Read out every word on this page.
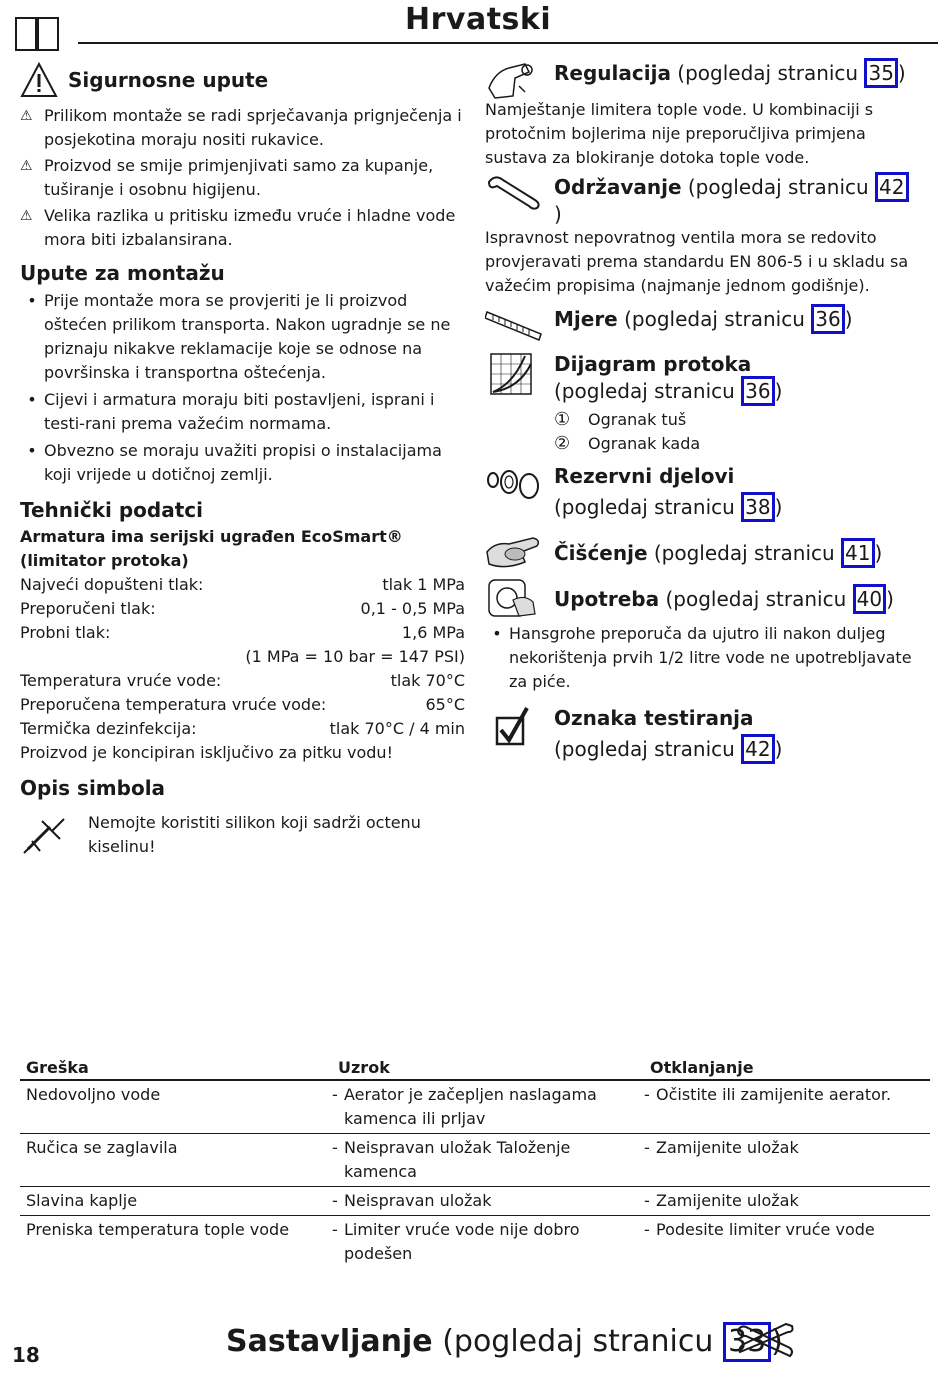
Hrvatski
Sigurnosne upute
⚠ Prilikom montaže se radi sprječavanja prignječenja i posjekotina moraju nositi rukavice.
⚠ Proizvod se smije primjenjivati samo za kupanje, tuširanje i osobnu higijenu.
⚠ Velika razlika u pritisku između vruće i hladne vode mora biti izbalansirana.
Upute za montažu
• Prije montaže mora se provjeriti je li proizvod oštećen prilikom transporta. Nakon ugradnje se ne priznaju nikakve reklamacije koje se odnose na površinska i transportna oštećenja.
• Cijevi i armatura moraju biti postavljeni, isprani i testi-rani prema važećim normama.
• Obvezno se moraju uvažiti propisi o instalacijama koji vrijede u dotičnoj zemlji.
Tehnički podatci
Armatura ima serijski ugrađen EcoSmart® (limitator protoka)
Najveći dopušteni tlak:	tlak 1 MPa
Preporučeni tlak:	0,1 - 0,5 MPa
Probni tlak:	1,6 MPa
(1 MPa = 10 bar = 147 PSI)
Temperatura vruće vode:	tlak 70°C
Preporučena temperatura vruće vode:	65°C
Termička dezinfekcija:	tlak 70°C / 4 min
Proizvod je koncipiran isključivo za pitku vodu!
Opis simbola
Nemojte koristiti silikon koji sadrži octenu kiselinu!
Regulacija (pogledaj stranicu 35 )
Namještanje limitera tople vode. U kombinaciji s protočnim bojlerima nije preporučljiva primjena sustava za blokiranje dotoka tople vode.
Održavanje (pogledaj stranicu 42)
Ispravnost nepovratnog ventila mora se redovito provjeravati prema standardu EN 806-5 i u skladu sa važećim propisima (najmanje jednom godišnje).
Mjere (pogledaj stranicu 36 )
Dijagram protoka
(pogledaj stranicu 36 )
① Ogranak tuš
② Ogranak kada
Rezervni djelovi
(pogledaj stranicu 38 )
Čišćenje (pogledaj stranicu 41 )
Upotreba (pogledaj stranicu 40 )
• Hansgrohe preporuča da ujutro ili nakon duljeg nekorištenja prvih 1/2 litre vode ne upotrebljavate za piće.
Oznaka testiranja
(pogledaj stranicu 42 )
Greška	Uzrok	Otklanjanje
Nedovoljno vode	- Aerator je začepljen naslagama kamenca ili prljav	- Očistite ili zamijenite aerator.

Ručica se zaglavila	- Neispravan uložak Taloženje kamenca	- Zamijenite uložak

Slavina kaplje	- Neispravan uložak	- Zamijenite uložak

Preniska temperatura tople vode	- Limiter vruće vode nije dobro podešen	- Podesite limiter vruće vode
18	Sastavljanje (pogledaj stranicu 33 )
